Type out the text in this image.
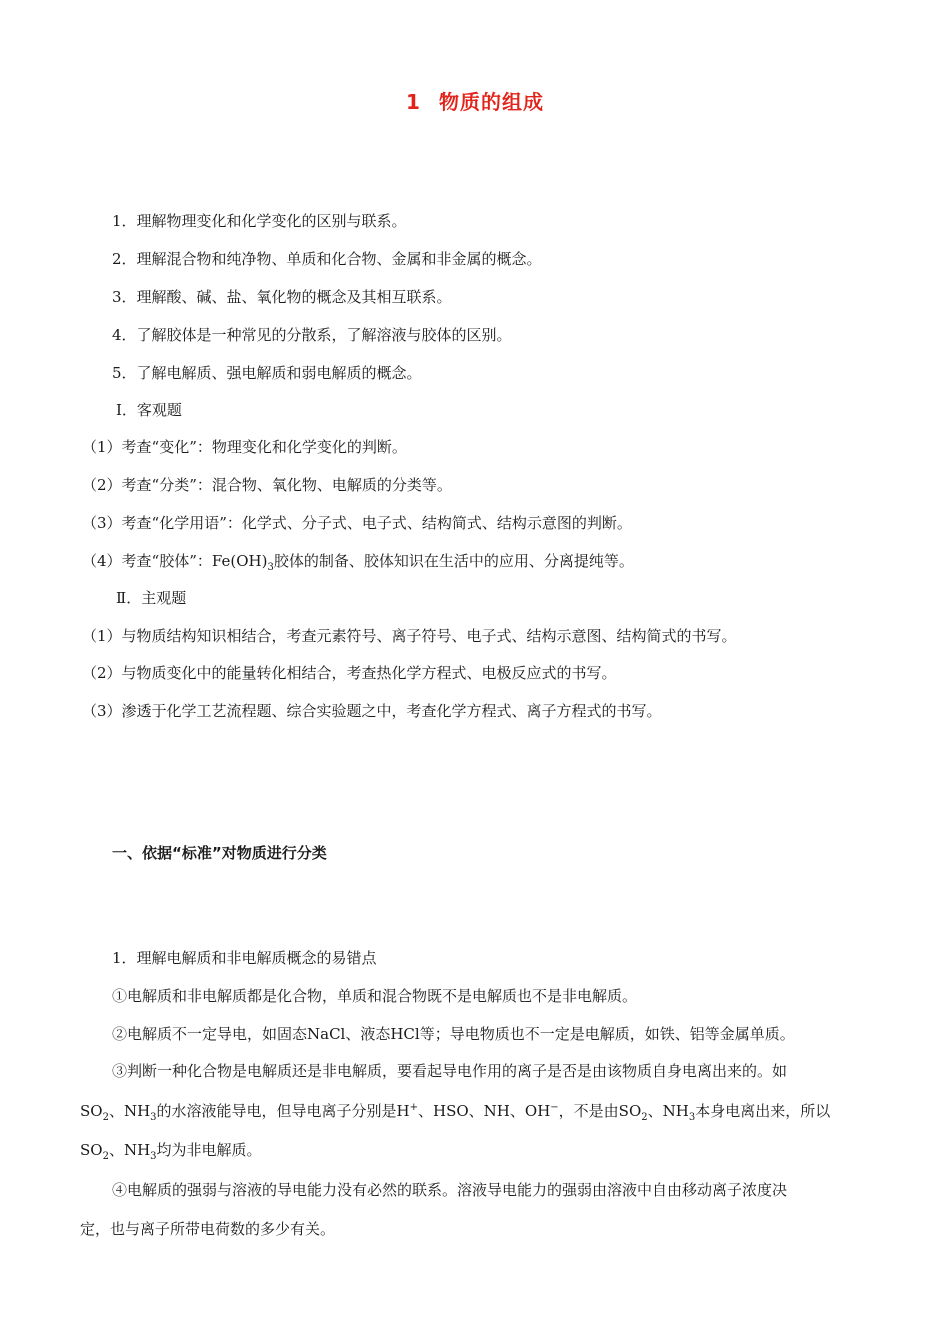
1 物质的组成
1．理解物理变化和化学变化的区别与联系。
2．理解混合物和纯净物、单质和化合物、金属和非金属的概念。
3．理解酸、碱、盐、氧化物的概念及其相互联系。
4．了解胶体是一种常见的分散系，了解溶液与胶体的区别。
5．了解电解质、强电解质和弱电解质的概念。
Ⅰ．客观题
（1）考查“变化”：物理变化和化学变化的判断。
（2）考查“分类”：混合物、氧化物、电解质的分类等。
（3）考查“化学用语”：化学式、分子式、电子式、结构简式、结构示意图的判断。
（4）考查“胶体”：$Fe(OH)_3$胶体的制备、胶体知识在生活中的应用、分离提纯等。
Ⅱ．主观题
（1）与物质结构知识相结合，考查元素符号、离子符号、电子式、结构示意图、结构简式的书写。
（2）与物质变化中的能量转化相结合，考查热化学方程式、电极反应式的书写。
（3）渗透于化学工艺流程题、综合实验题之中，考查化学方程式、离子方程式的书写。
一、依据“标准”对物质进行分类
1．理解电解质和非电解质概念的易错点
①电解质和非电解质都是化合物，单质和混合物既不是电解质也不是非电解质。
②电解质不一定导电，如固态NaCl、液态HCl等；导电物质也不一定是电解质，如铁、铝等金属单质。
③判断一种化合物是电解质还是非电解质，要看起导电作用的离子是否是由该物质自身电离出来的。如
$SO_2$、$NH_3$的水溶液能导电，但导电离子分别是H+、HSO、NH、OH−，不是由$SO_2$、$NH_3$本身电离出来，所以
$SO_2$、$NH_3$均为非电解质。
④电解质的强弱与溶液的导电能力没有必然的联系。溶液导电能力的强弱由溶液中自由移动离子浓度决
定，也与离子所带电荷数的多少有关。
